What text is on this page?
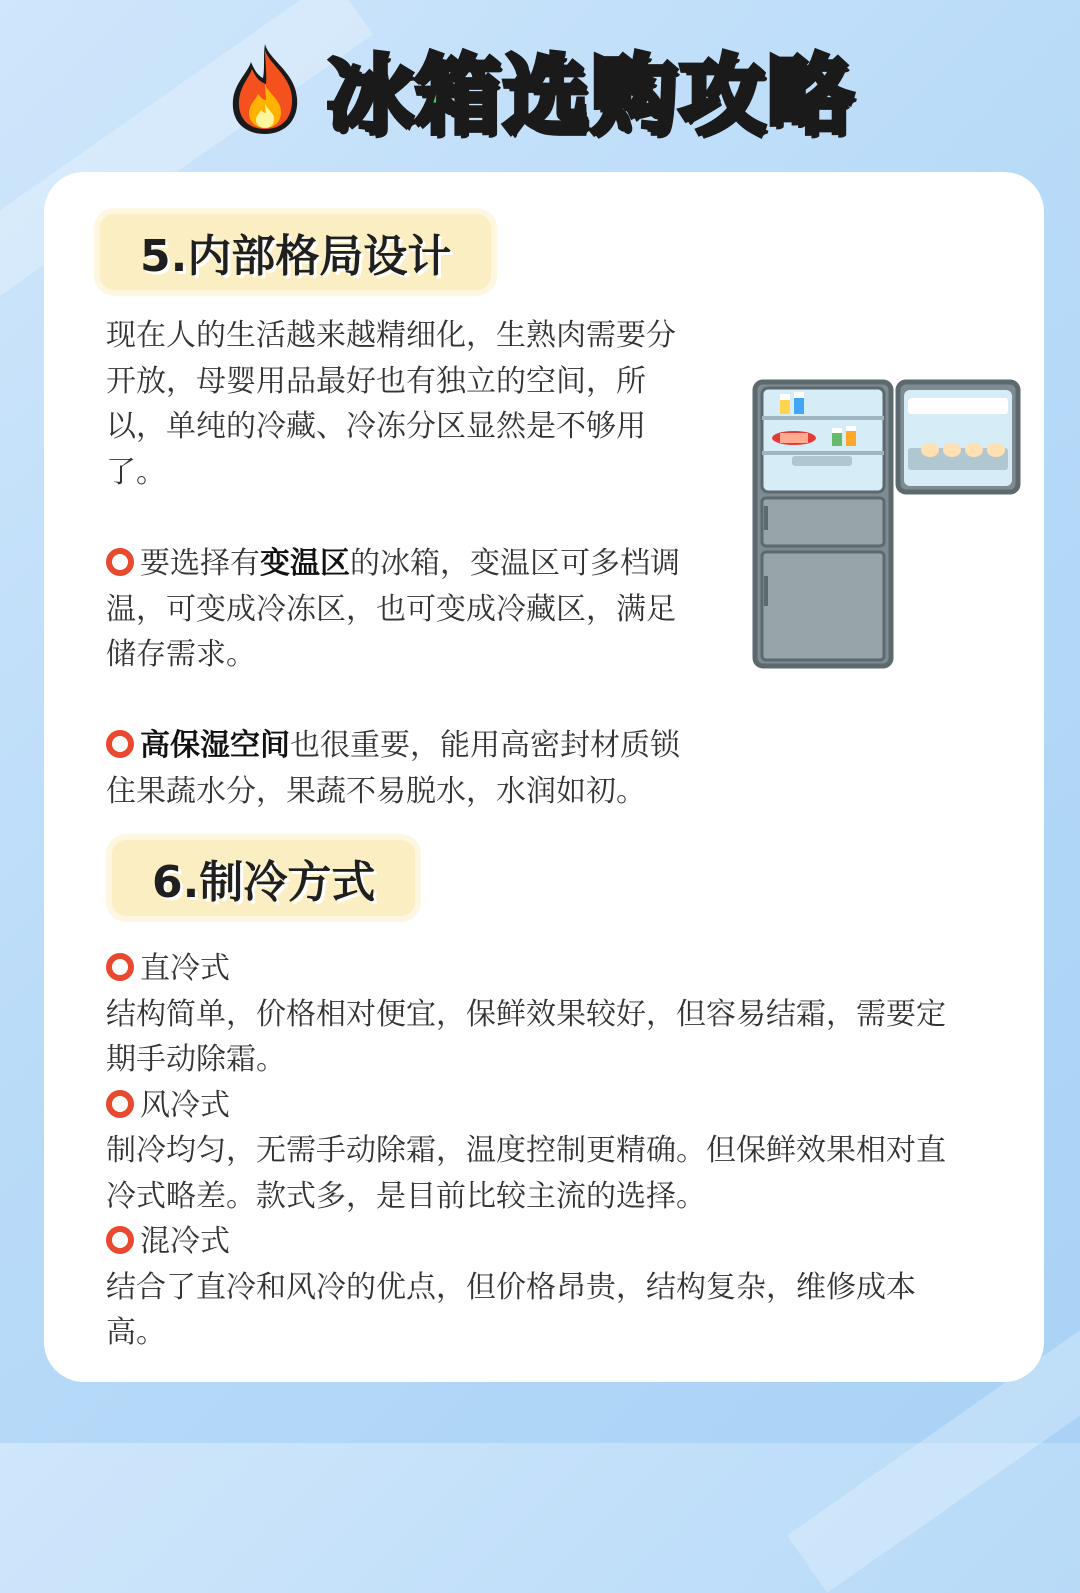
冰箱选购攻略
5.内部格局设计
现在人的生活越来越精细化，生熟肉需要分
开放，母婴用品最好也有独立的空间，所
以，单纯的冷藏、冷冻分区显然是不够用
了。
要选择有变温区的冰箱，变温区可多档调
温，可变成冷冻区，也可变成冷藏区，满足
储存需求。
高保湿空间也很重要，能用高密封材质锁
住果蔬水分，果蔬不易脱水，水润如初。
6.制冷方式
直冷式
结构简单，价格相对便宜，保鲜效果较好，但容易结霜，需要定
期手动除霜。
风冷式
制冷均匀，无需手动除霜，温度控制更精确。但保鲜效果相对直
冷式略差。款式多，是目前比较主流的选择。
混冷式
结合了直冷和风冷的优点，但价格昂贵，结构复杂，维修成本
高。
